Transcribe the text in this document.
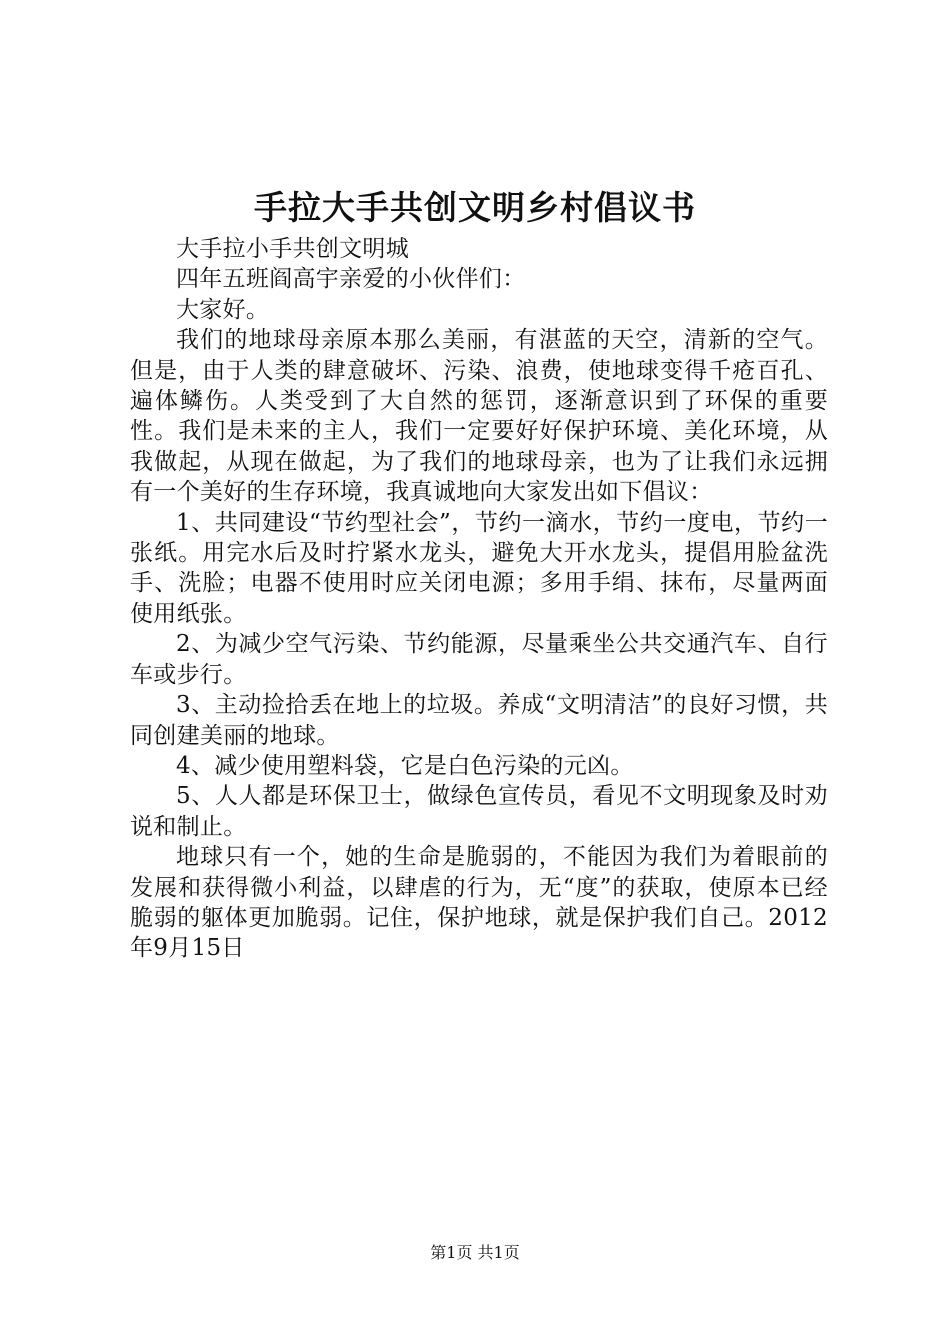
手拉大手共创文明乡村倡议书

大手拉小手共创文明城

四年五班阎高宇亲爱的小伙伴们：

大家好。

我们的地球母亲原本那么美丽，有湛蓝的天空，清新的空气。但是，由于人类的肆意破坏、污染、浪费，使地球变得千疮百孔、遍体鳞伤。人类受到了大自然的惩罚，逐渐意识到了环保的重要性。我们是未来的主人，我们一定要好好保护环境、美化环境，从我做起，从现在做起，为了我们的地球母亲，也为了让我们永远拥有一个美好的生存环境，我真诚地向大家发出如下倡议：

1、共同建设“节约型社会”，节约一滴水，节约一度电，节约一张纸。用完水后及时拧紧水龙头，避免大开水龙头，提倡用脸盆洗手、洗脸；电器不使用时应关闭电源；多用手绢、抹布，尽量两面使用纸张。

2、为减少空气污染、节约能源，尽量乘坐公共交通汽车、自行车或步行。

3、主动捡拾丢在地上的垃圾。养成“文明清洁”的良好习惯，共同创建美丽的地球。

4、减少使用塑料袋，它是白色污染的元凶。

5、人人都是环保卫士，做绿色宣传员，看见不文明现象及时劝说和制止。

地球只有一个，她的生命是脆弱的，不能因为我们为着眼前的发展和获得微小利益，以肆虐的行为，无“度”的获取，使原本已经脆弱的躯体更加脆弱。记住，保护地球，就是保护我们自己。2012年9月15日

第1页 共1页
